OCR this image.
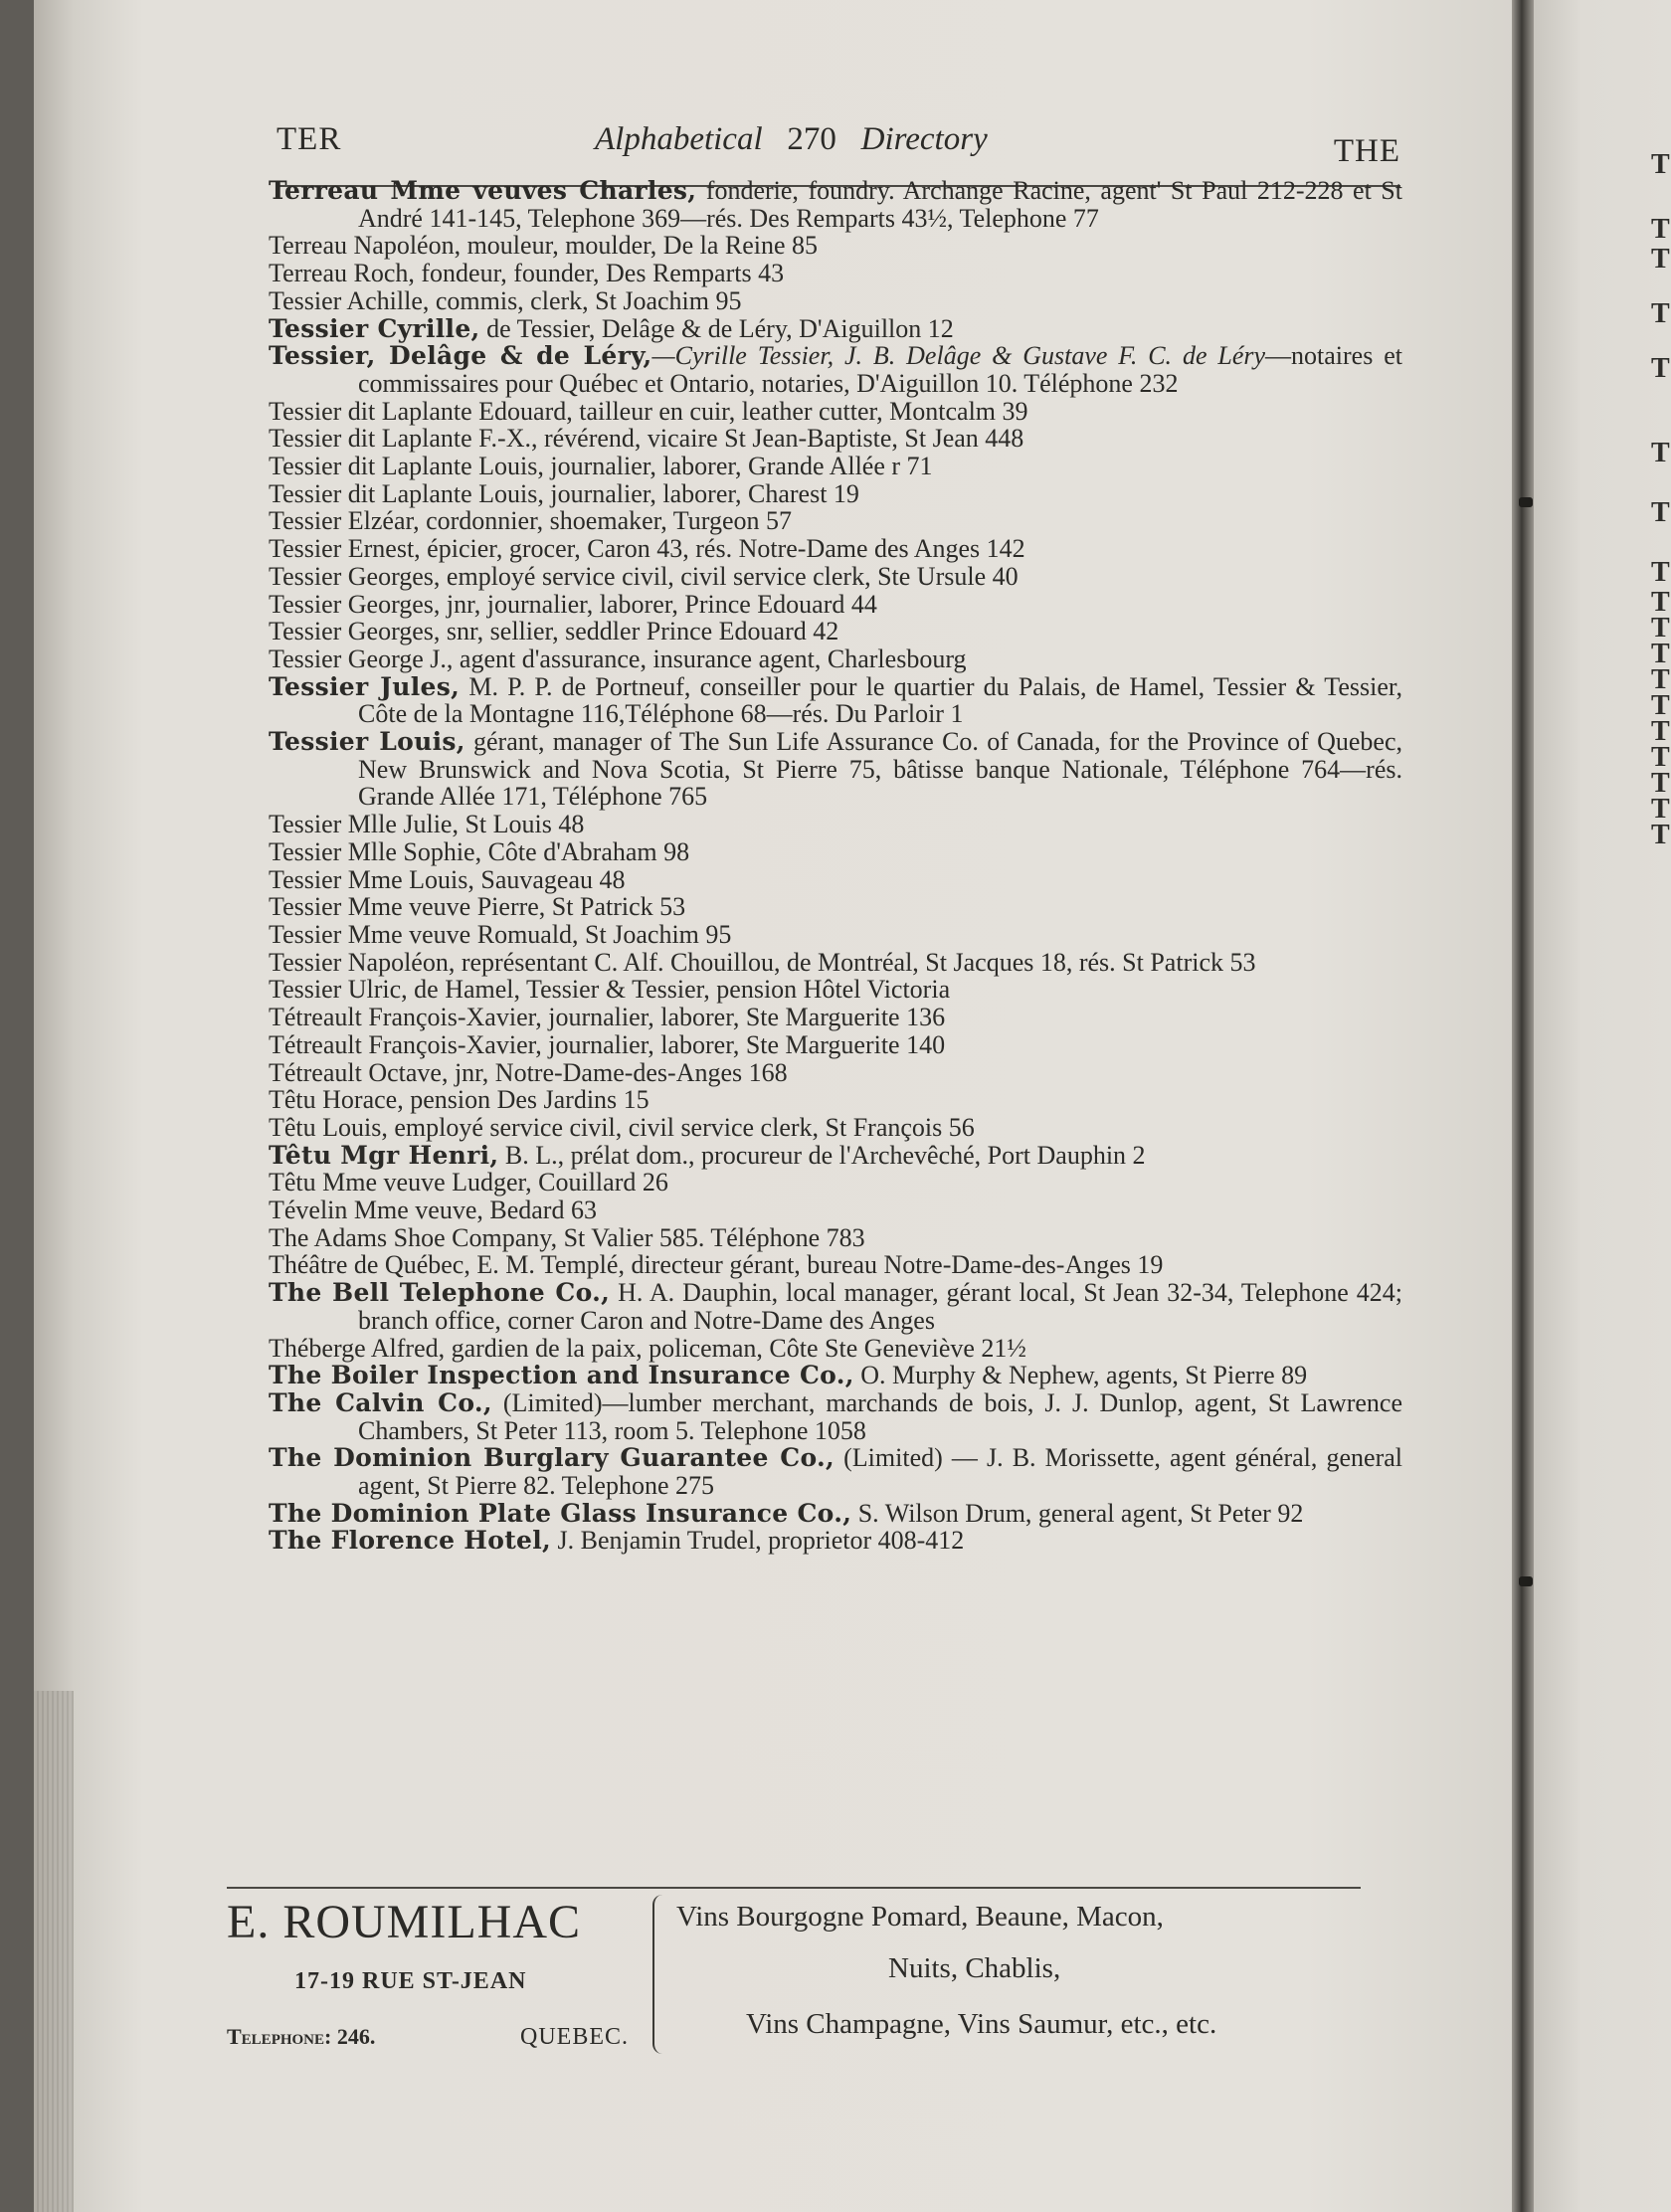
T
T
T
T
T
T
T
T
T
T
T
T
T
T
T
T
T
T
TER	Alphabetical 270 Directory	THE
Terreau Mme veuves Charles, fonderie, foundry. Archange Racine, agent' St Paul 212-228 et St André 141-145, Telephone 369—rés. Des Remparts 43½, Telephone 77
Terreau Napoléon, mouleur, moulder, De la Reine 85
Terreau Roch, fondeur, founder, Des Remparts 43
Tessier Achille, commis, clerk, St Joachim 95
Tessier Cyrille, de Tessier, Delâge & de Léry, D'Aiguillon 12
Tessier, Delâge & de Léry,—Cyrille Tessier, J. B. Delâge & Gustave F. C. de Léry—notaires et commissaires pour Québec et Ontario, notaries, D'Aiguillon 10. Téléphone 232
Tessier dit Laplante Edouard, tailleur en cuir, leather cutter, Montcalm 39
Tessier dit Laplante F.-X., révérend, vicaire St Jean-Baptiste, St Jean 448
Tessier dit Laplante Louis, journalier, laborer, Grande Allée r 71
Tessier dit Laplante Louis, journalier, laborer, Charest 19
Tessier Elzéar, cordonnier, shoemaker, Turgeon 57
Tessier Ernest, épicier, grocer, Caron 43, rés. Notre-Dame des Anges 142
Tessier Georges, employé service civil, civil service clerk, Ste Ursule 40
Tessier Georges, jnr, journalier, laborer, Prince Edouard 44
Tessier Georges, snr, sellier, seddler Prince Edouard 42
Tessier George J., agent d'assurance, insurance agent, Charlesbourg
Tessier Jules, M. P. P. de Portneuf, conseiller pour le quartier du Palais, de Hamel, Tessier & Tessier, Côte de la Montagne 116,Téléphone 68—rés. Du Parloir 1
Tessier Louis, gérant, manager of The Sun Life Assurance Co. of Canada, for the Province of Quebec, New Brunswick and Nova Scotia, St Pierre 75, bâtisse banque Nationale, Téléphone 764—rés. Grande Allée 171, Téléphone 765
Tessier Mlle Julie, St Louis 48
Tessier Mlle Sophie, Côte d'Abraham 98
Tessier Mme Louis, Sauvageau 48
Tessier Mme veuve Pierre, St Patrick 53
Tessier Mme veuve Romuald, St Joachim 95
Tessier Napoléon, représentant C. Alf. Chouillou, de Montréal, St Jacques 18, rés. St Patrick 53
Tessier Ulric, de Hamel, Tessier & Tessier, pension Hôtel Victoria
Tétreault François-Xavier, journalier, laborer, Ste Marguerite 136
Tétreault François-Xavier, journalier, laborer, Ste Marguerite 140
Tétreault Octave, jnr, Notre-Dame-des-Anges 168
Têtu Horace, pension Des Jardins 15
Têtu Louis, employé service civil, civil service clerk, St François 56
Têtu Mgr Henri, B. L., prélat dom., procureur de l'Archevêché, Port Dauphin 2
Têtu Mme veuve Ludger, Couillard 26
Tévelin Mme veuve, Bedard 63
The Adams Shoe Company, St Valier 585. Téléphone 783
Théâtre de Québec, E. M. Templé, directeur gérant, bureau Notre-Dame-des-Anges 19
The Bell Telephone Co., H. A. Dauphin, local manager, gérant local, St Jean 32-34, Telephone 424; branch office, corner Caron and Notre-Dame des Anges
Théberge Alfred, gardien de la paix, policeman, Côte Ste Geneviève 21½
The Boiler Inspection and Insurance Co., O. Murphy & Nephew, agents, St Pierre 89
The Calvin Co., (Limited)—lumber merchant, marchands de bois, J. J. Dunlop, agent, St Lawrence Chambers, St Peter 113, room 5. Telephone 1058
The Dominion Burglary Guarantee Co., (Limited) — J. B. Morissette, agent général, general agent, St Pierre 82. Telephone 275
The Dominion Plate Glass Insurance Co., S. Wilson Drum, general agent, St Peter 92
The Florence Hotel, J. Benjamin Trudel, proprietor 408-412
E. ROUMILHAC
17-19 RUE ST-JEAN
Telephone: 246.	QUEBEC.
Vins Bourgogne Pomard, Beaune, Macon,
Nuits, Chablis,
Vins Champagne, Vins Saumur, etc., etc.
